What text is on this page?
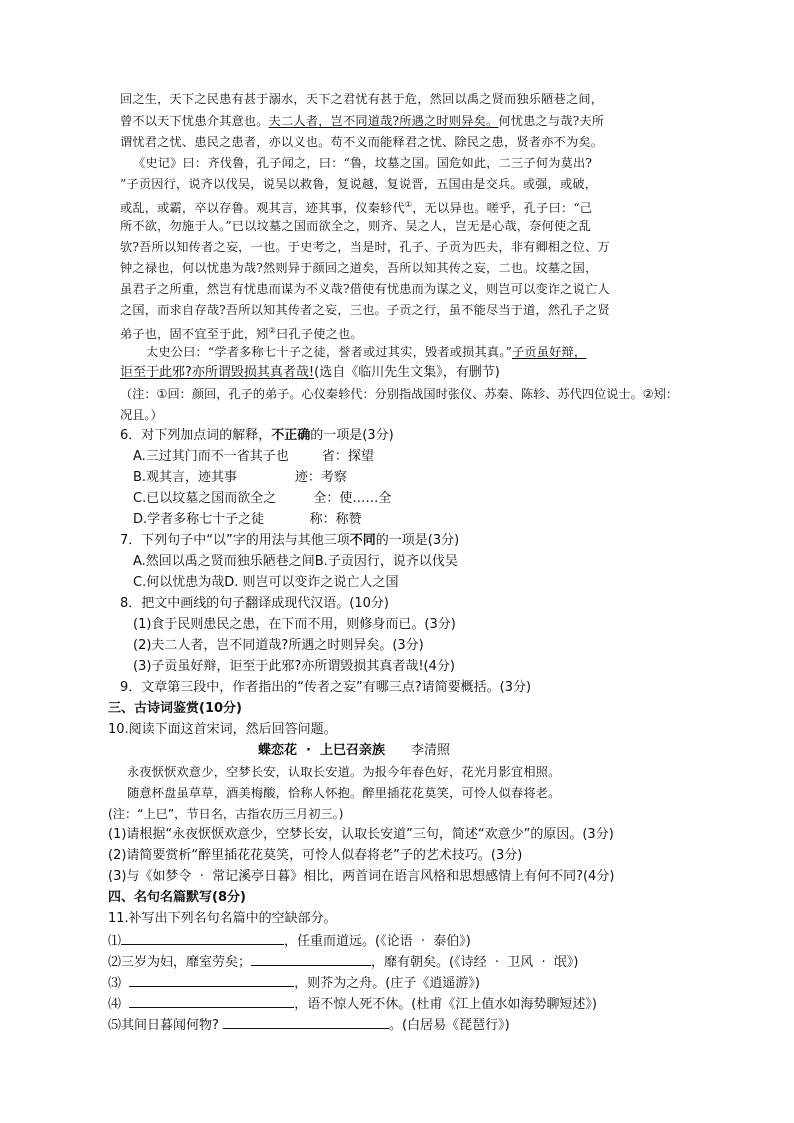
回之生，天下之民患有甚于溺水，天下之君忧有甚于危，然回以禹之贤而独乐陋巷之间，
曾不以天下忧患介其意也。夫二人者，岂不同道哉?所遇之时则异矣。何忧患之与哉?夫所
谓忧君之忧、患民之患者，亦以义也。苟不义而能释君之忧、除民之患，贤者亦不为矣。
《史记》曰：齐伐鲁，孔子闻之，曰：“鲁，坟墓之国。国危如此，二三子何为莫出?
”子贡因行，说齐以伐吴，说吴以救鲁，复说越，复说晋，五国由是交兵。或强，或破，
或乱，或霸，卒以存鲁。观其言，迹其事，仪秦轸代①，无以异也。嗟乎，孔子曰：“己
所不欲，勿施于人。”已以坟墓之国而欲全之，则齐、吴之人，岂无是心哉，奈何使之乱
欤?吾所以知传者之妄，一也。于史考之，当是时，孔子、子贡为匹夫，非有卿相之位、万
钟之禄也，何以忧患为哉?然则异于颜回之道矣，吾所以知其传之妄，二也。坟墓之国，
虽君子之所重，然岂有忧患而谋为不义哉?借使有忧患而为谋之义，则岂可以变诈之说亡人
之国，而求自存哉?吾所以知其传者之妄，三也。子贡之行，虽不能尽当于道，然孔子之贤
弟子也，固不宜至于此，矧②曰孔子使之也。
太史公曰：“学者多称七十子之徒，誉者或过其实，毁者或损其真。”子贡虽好辩，
讵至于此邪?亦所谓毁损其真者哉!(选自《临川先生文集》，有删节)
（注：①回：颜回，孔子的弟子。心仪秦轸代：分别指战国时张仪、苏秦、陈轸、苏代四位说士。②矧：
况且。）
6．对下列加点词的解释，不正确的一项是(3分)
A.三过其门而不一省其子也        省：探望
B.观其言，迹其事              迹：考察
C.已以坟墓之国而欲全之         全：使……全
D.学者多称七十子之徒           称：称赞
7．下列句子中“以”字的用法与其他三项不同的一项是(3分)
A.然回以禹之贤而独乐陋巷之间B.子贡因行，说齐以伐吴
C.何以忧患为哉D. 则岂可以变诈之说亡人之国
8．把文中画线的句子翻译成现代汉语。(10分)
(1)食于民则患民之患，在下而不用，则修身而已。(3分)
(2)夫二人者，岂不同道哉?所遇之时则异矣。(3分)
(3)子贡虽好辩，讵至于此邪?亦所谓毁损其真者哉!(4分)
9．文章第三段中，作者指出的“传者之妄”有哪三点?请简要概括。(3分)
三、古诗词鉴赏(10分)
10.阅读下面这首宋词，然后回答问题。
蝶恋花  ·  上巳召亲族 李清照
永夜恹恹欢意少，空梦长安，认取长安道。为报今年春色好，花光月影宜相照。
随意杯盘虽草草，酒美梅酸，恰称人怀抱。醉里插花花莫笑，可怜人似春将老。
(注：“上巳”，节日名，古指农历三月初三。)
(1)请根据“永夜恹恹欢意少，空梦长安，认取长安道”三句，简述“欢意少”的原因。(3分)
(2)请简要赏析“醉里插花花莫笑，可怜人似春将老”子的艺术技巧。(3分)
(3)与《如梦令  ·  常记溪亭日暮》相比，两首词在语言风格和思想感情上有何不同?(4分)
四、名句名篇默写(8分)
11.补写出下列名句名篇中的空缺部分。
⑴	，任重而道远。(《论语  ·  泰伯》)
⑵三岁为妇，靡室劳矣；	，靡有朝矣。(《诗经  ·  卫风  ·  氓》)
⑶	，则芥为之舟。(庄子《逍遥游》)
⑷	，语不惊人死不休。(杜甫《江上值水如海势聊短述》)
⑸其间日暮闻何物?	。(白居易《琵琶行》)
